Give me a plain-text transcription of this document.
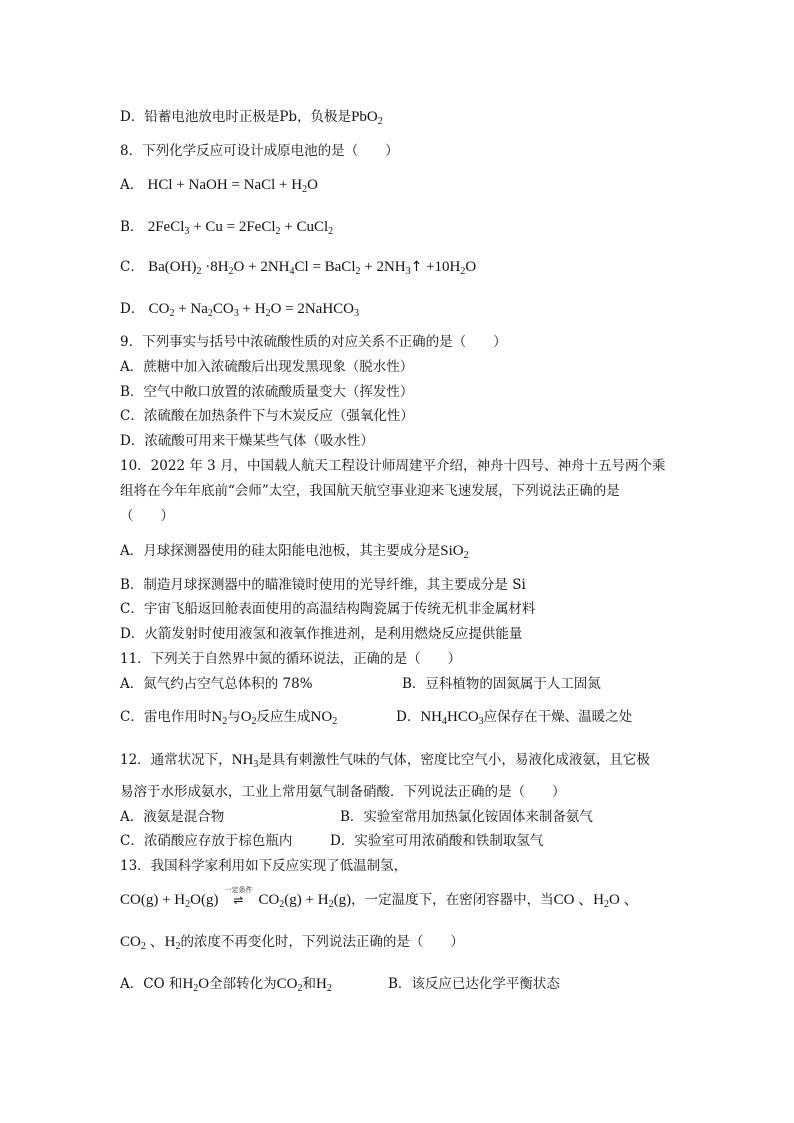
D．铅蓄电池放电时正极是Pb，负极是PbO$_2$
8．下列化学反应可设计成原电池的是（　　）
A． HCl + NaOH = NaCl + $H_2O$
B． 2FeCl$_3$ + Cu = 2FeCl$_2$ + CuCl$_2$
C． $Ba(OH)_2 \cdot 8H_2O + 2NH_4Cl$ = BaCl$_2$ + $2NH_3↑ +10H_2O$
D． $CO_2 + Na_2CO_3 + H_2O$ = 2NaHCO$_3$
9．下列事实与括号中浓硫酸性质的对应关系不正确的是（　　）
A．蔗糖中加入浓硫酸后出现发黑现象（脱水性）
B．空气中敞口放置的浓硫酸质量变大（挥发性）
C．浓硫酸在加热条件下与木炭反应（强氧化性）
D．浓硫酸可用来干燥某些气体（吸水性）
10．2022 年 3 月，中国载人航天工程设计师周建平介绍，神舟十四号、神舟十五号两个乘
组将在今年年底前“会师”太空，我国航天航空事业迎来飞速发展，下列说法正确的是
（　　）
A．月球探测器使用的硅太阳能电池板，其主要成分是SiO$_2$
B．制造月球探测器中的瞄准镜时使用的光导纤维，其主要成分是 Si
C．宇宙飞船返回舱表面使用的高温结构陶瓷属于传统无机非金属材料
D．火箭发射时使用液氢和液氧作推进剂，是利用燃烧反应提供能量
11．下列关于自然界中氮的循环说法，正确的是（　　）
A．氮气约占空气总体积的 78%	B．豆科植物的固氮属于人工固氮
C．雷电作用时$N_2$与$O_2$反应生成$NO_2$	D．$NH_4HCO_3$应保存在干燥、温暖之处
12．通常状况下，$NH_3$是具有刺激性气味的气体，密度比空气小，易液化成液氨，且它极
易溶于水形成氨水，工业上常用氨气制备硝酸．下列说法正确的是（　　）
A．液氨是混合物	B．实验室常用加热氯化铵固体来制备氨气
C．浓硝酸应存放于棕色瓶内	D．实验室可用浓硝酸和铁制取氢气
13．我国科学家利用如下反应实现了低温制氢，
$CO(g) + H_2O(g)$
一定条件
⇌ $CO_2(g) + H_2(g)$，一定温度下，在密闭容器中，当CO 、$H_2O$ 、
$CO_2$ 、$H_2$的浓度不再变化时，下列说法正确的是（　　）
A．CO 和$H_2O$全部转化为$CO_2$和$H_2$	B．该反应已达化学平衡状态
